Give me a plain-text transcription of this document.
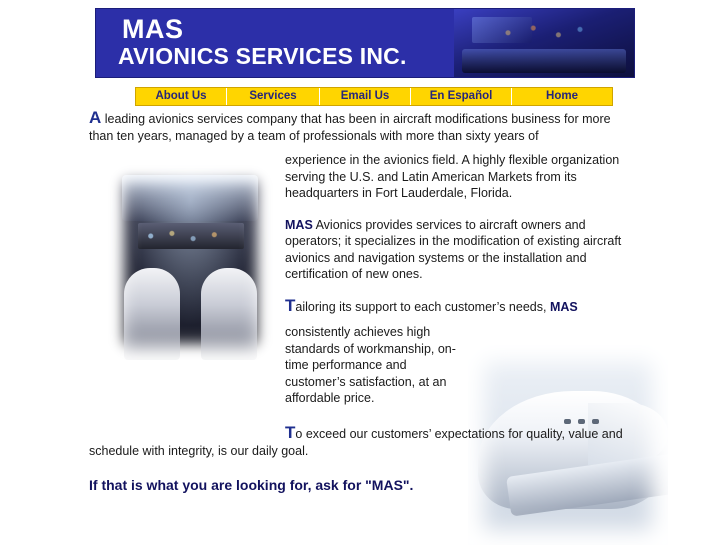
MAS
AVIONICS SERVICES INC.
About Us	Services	Email Us	En Español	Home

A leading avionics services company that has been in aircraft modifications business for more than ten years, managed by a team of professionals with more than sixty years of

experience in the avionics field. A highly flexible organization serving the U.S. and Latin American Markets from its headquarters in Fort Lauderdale, Florida.

MAS Avionics provides services to aircraft owners and operators; it specializes in the modification of existing aircraft avionics and navigation systems or the installation and certification of new ones.

Tailoring its support to each customer’s needs, MAS

consistently achieves high standards of workmanship, on-time performance and customer’s satisfaction, at an affordable price.

To exceed our customers’ expectations for quality, value and schedule with integrity, is our daily goal.

If that is what you are looking for, ask for "MAS".
